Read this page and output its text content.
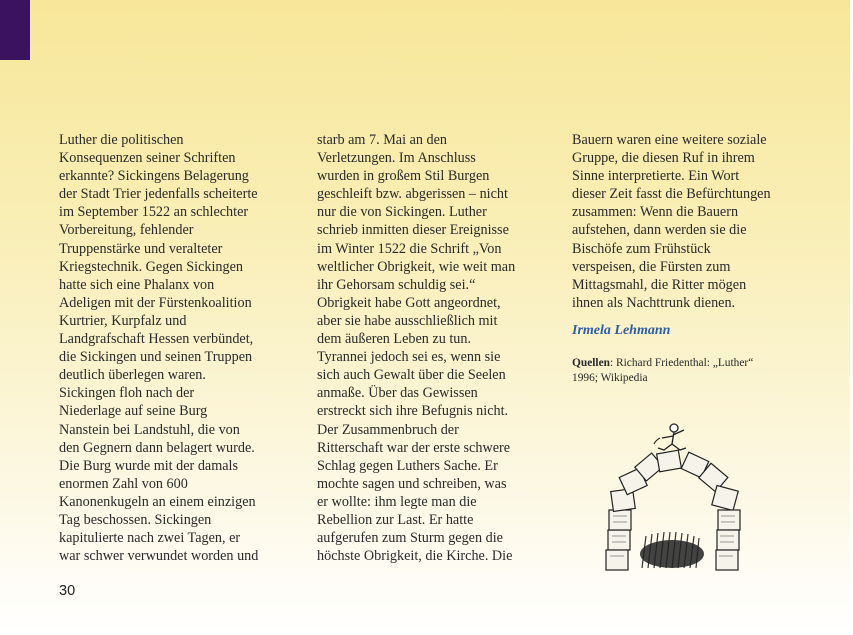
Luther die politischen
Konsequenzen seiner Schriften
erkannte? Sickingens Belagerung
der Stadt Trier jedenfalls scheiterte
im September 1522 an schlechter
Vorbereitung, fehlender
Truppenstärke und veralteter
Kriegstechnik. Gegen Sickingen
hatte sich eine Phalanx von
Adeligen mit der Fürstenkoalition
Kurtrier, Kurpfalz und
Landgrafschaft Hessen verbündet,
die Sickingen und seinen Truppen
deutlich überlegen waren.
Sickingen floh nach der
Niederlage auf seine Burg
Nanstein bei Landstuhl, die von
den Gegnern dann belagert wurde.
Die Burg wurde mit der damals
enormen Zahl von 600
Kanonenkugeln an einem einzigen
Tag beschossen. Sickingen
kapitulierte nach zwei Tagen, er
war schwer verwundet worden und
starb am 7. Mai an den
Verletzungen. Im Anschluss
wurden in großem Stil Burgen
geschleift bzw. abgerissen – nicht
nur die von Sickingen. Luther
schrieb inmitten dieser Ereignisse
im Winter 1522 die Schrift „Von
weltlicher Obrigkeit, wie weit man
ihr Gehorsam schuldig sei.“
Obrigkeit habe Gott angeordnet,
aber sie habe ausschließlich mit
dem äußeren Leben zu tun.
Tyrannei jedoch sei es, wenn sie
sich auch Gewalt über die Seelen
anmaße. Über das Gewissen
erstreckt sich ihre Befugnis nicht.
Der Zusammenbruch der
Ritterschaft war der erste schwere
Schlag gegen Luthers Sache. Er
mochte sagen und schreiben, was
er wollte: ihm legte man die
Rebellion zur Last. Er hatte
aufgerufen zum Sturm gegen die
höchste Obrigkeit, die Kirche. Die
Bauern waren eine weitere soziale
Gruppe, die diesen Ruf in ihrem
Sinne interpretierte. Ein Wort
dieser Zeit fasst die Befürchtungen
zusammen: Wenn die Bauern
aufstehen, dann werden sie die
Bischöfe zum Frühstück
verspeisen, die Fürsten zum
Mittagsmahl, die Ritter mögen
ihnen als Nachttrunk dienen.
Irmela Lehmann
Quellen: Richard Friedenthal: „Luther“
1996; Wikipedia
30
